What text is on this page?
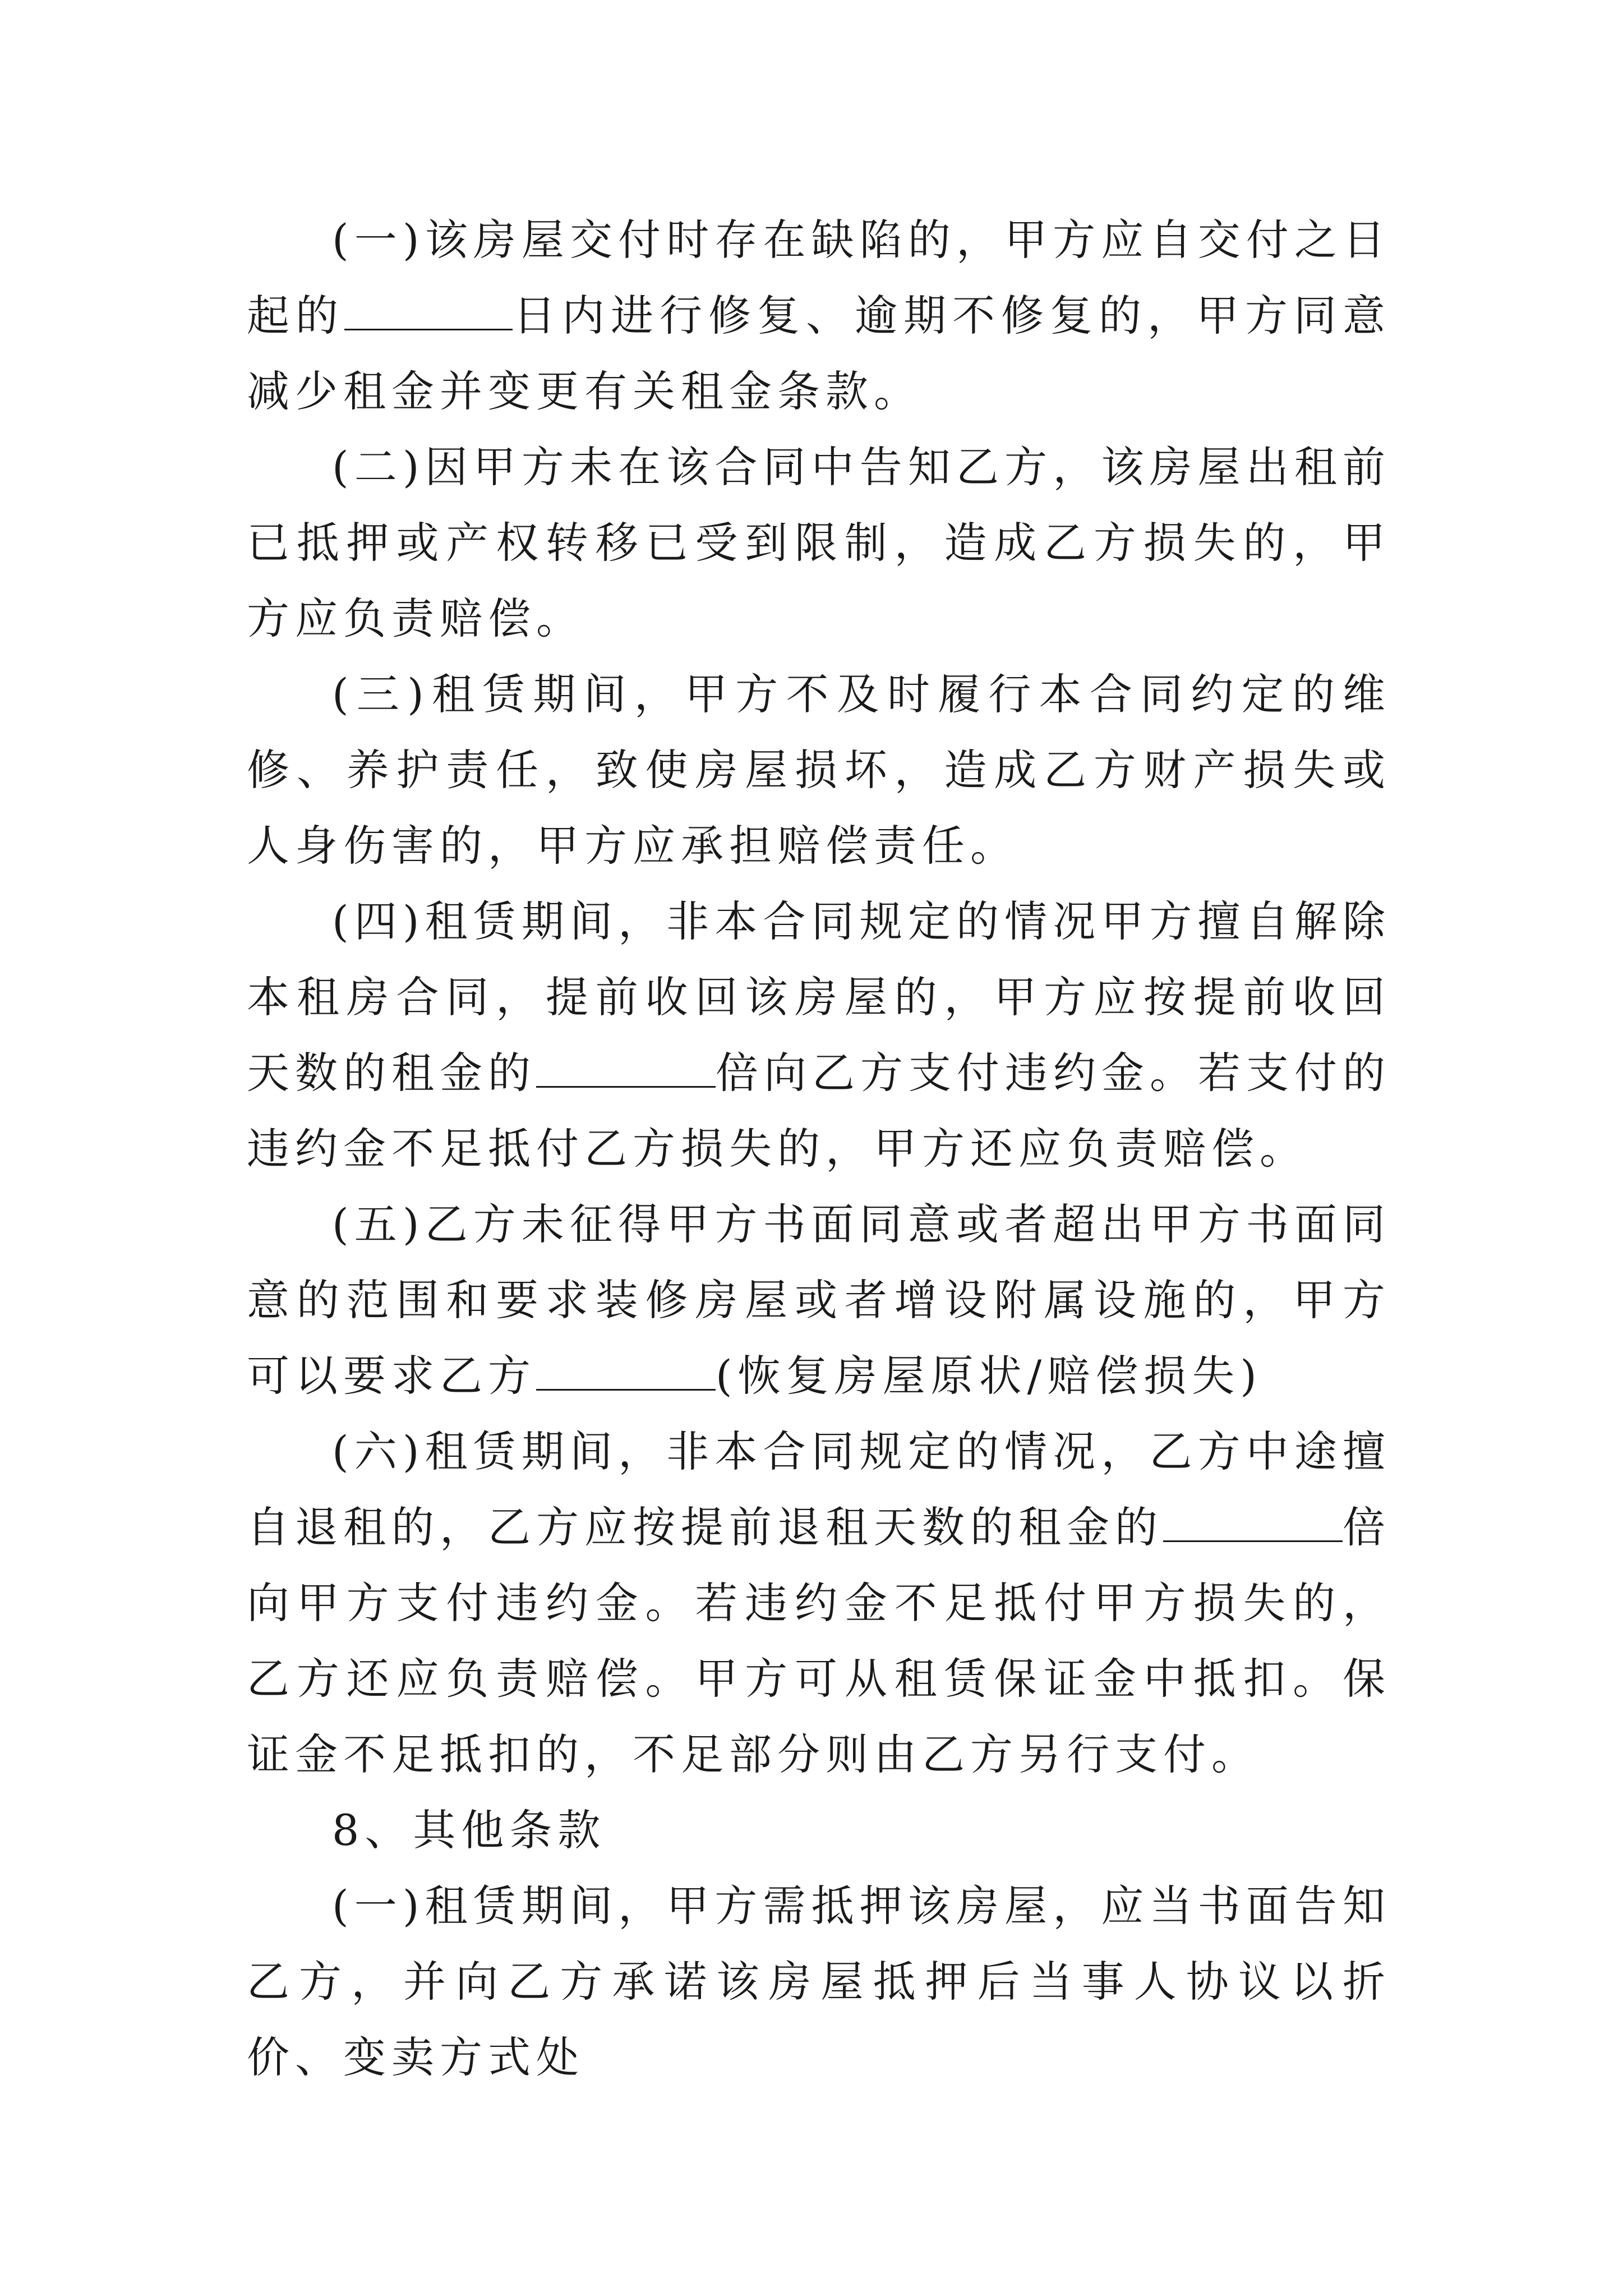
(一)该房屋交付时存在缺陷的，甲方应自交付之日起的	日内进行修复、逾期不修复的，甲方同意减少租金并变更有关租金条款。

(二)因甲方未在该合同中告知乙方，该房屋出租前已抵押或产权转移已受到限制，造成乙方损失的，甲方应负责赔偿。

(三)租赁期间，甲方不及时履行本合同约定的维修、养护责任，致使房屋损坏，造成乙方财产损失或人身伤害的，甲方应承担赔偿责任。

(四)租赁期间，非本合同规定的情况甲方擅自解除本租房合同，提前收回该房屋的，甲方应按提前收回天数的租金的	倍向乙方支付违约金。若支付的违约金不足抵付乙方损失的，甲方还应负责赔偿。

(五)乙方未征得甲方书面同意或者超出甲方书面同意的范围和要求装修房屋或者增设附属设施的，甲方可以要求乙方	(恢复房屋原状/赔偿损失)

(六)租赁期间，非本合同规定的情况，乙方中途擅自退租的，乙方应按提前退租天数的租金的	倍向甲方支付违约金。若违约金不足抵付甲方损失的，乙方还应负责赔偿。甲方可从租赁保证金中抵扣。保证金不足抵扣的，不足部分则由乙方另行支付。

8、其他条款

(一)租赁期间，甲方需抵押该房屋，应当书面告知乙方，并向乙方承诺该房屋抵押后当事人协议以折价、变卖方式处
